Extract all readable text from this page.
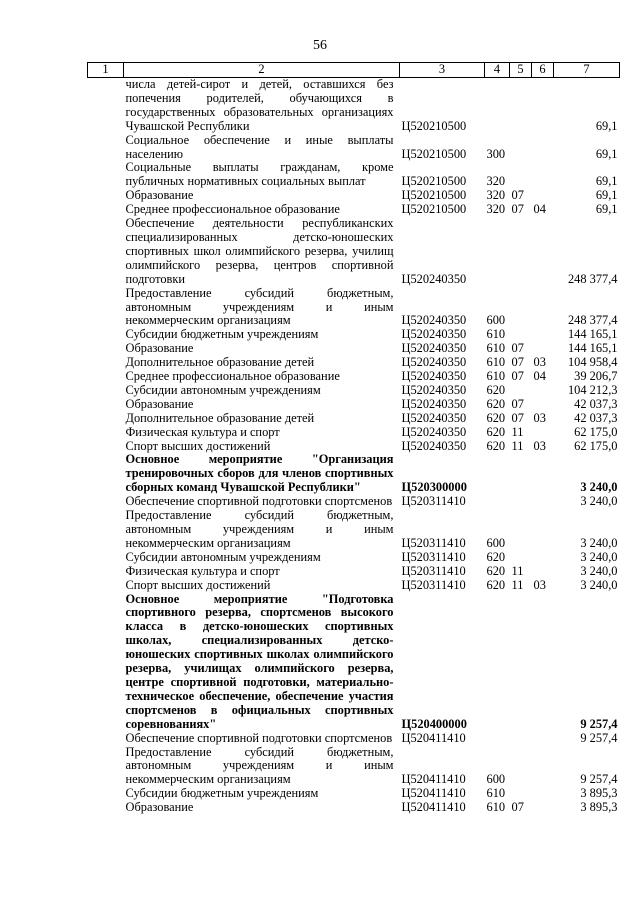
56
1	2	3	4	5	6	7
числа детей-сирот и детей, оставшихся без попечения родителей, обучающихся в государственных образовательных организациях Чувашской Республики		Ц520210500				69,1
Социальное обеспечение и иные выплаты населению		Ц520210500	300			69,1
Социальные выплаты гражданам, кроме публичных нормативных социальных выплат		Ц520210500	320			69,1
Образование		Ц520210500	320	07		69,1
Среднее профессиональное образование		Ц520210500	320	07	04	69,1
Обеспечение деятельности республиканских специализированных детско-юношеских спортивных школ олимпийского резерва, училищ олимпийского резерва, центров спортивной подготовки		Ц520240350				248 377,4
Предоставление субсидий бюджетным, автономным учреждениям и иным некоммерческим организациям		Ц520240350	600			248 377,4
Субсидии бюджетным учреждениям		Ц520240350	610			144 165,1
Образование		Ц520240350	610	07		144 165,1
Дополнительное образование детей		Ц520240350	610	07	03	104 958,4
Среднее профессиональное образование		Ц520240350	610	07	04	39 206,7
Субсидии автономным учреждениям		Ц520240350	620			104 212,3
Образование		Ц520240350	620	07		42 037,3
Дополнительное образование детей		Ц520240350	620	07	03	42 037,3
Физическая культура и спорт		Ц520240350	620	11		62 175,0
Спорт высших достижений		Ц520240350	620	11	03	62 175,0
Основное мероприятие "Организация тренировочных сборов для членов спортивных сборных команд Чувашской Республики"		Ц520300000				3 240,0
Обеспечение спортивной подготовки спортсменов		Ц520311410				3 240,0
Предоставление субсидий бюджетным, автономным учреждениям и иным некоммерческим организациям		Ц520311410	600			3 240,0
Субсидии автономным учреждениям		Ц520311410	620			3 240,0
Физическая культура и спорт		Ц520311410	620	11		3 240,0
Спорт высших достижений		Ц520311410	620	11	03	3 240,0
Основное мероприятие "Подготовка спортивного резерва, спортсменов высокого класса в детско-юношеских спортивных школах, специализированных детско-юношеских спортивных школах олимпийского резерва, училищах олимпийского резерва, центре спортивной подготовки, материально-техническое обеспечение, обеспечение участия спортсменов в официальных спортивных соревнованиях"		Ц520400000				9 257,4
Обеспечение спортивной подготовки спортсменов		Ц520411410				9 257,4
Предоставление субсидий бюджетным, автономным учреждениям и иным некоммерческим организациям		Ц520411410	600			9 257,4
Субсидии бюджетным учреждениям		Ц520411410	610			3 895,3
Образование		Ц520411410	610	07		3 895,3
